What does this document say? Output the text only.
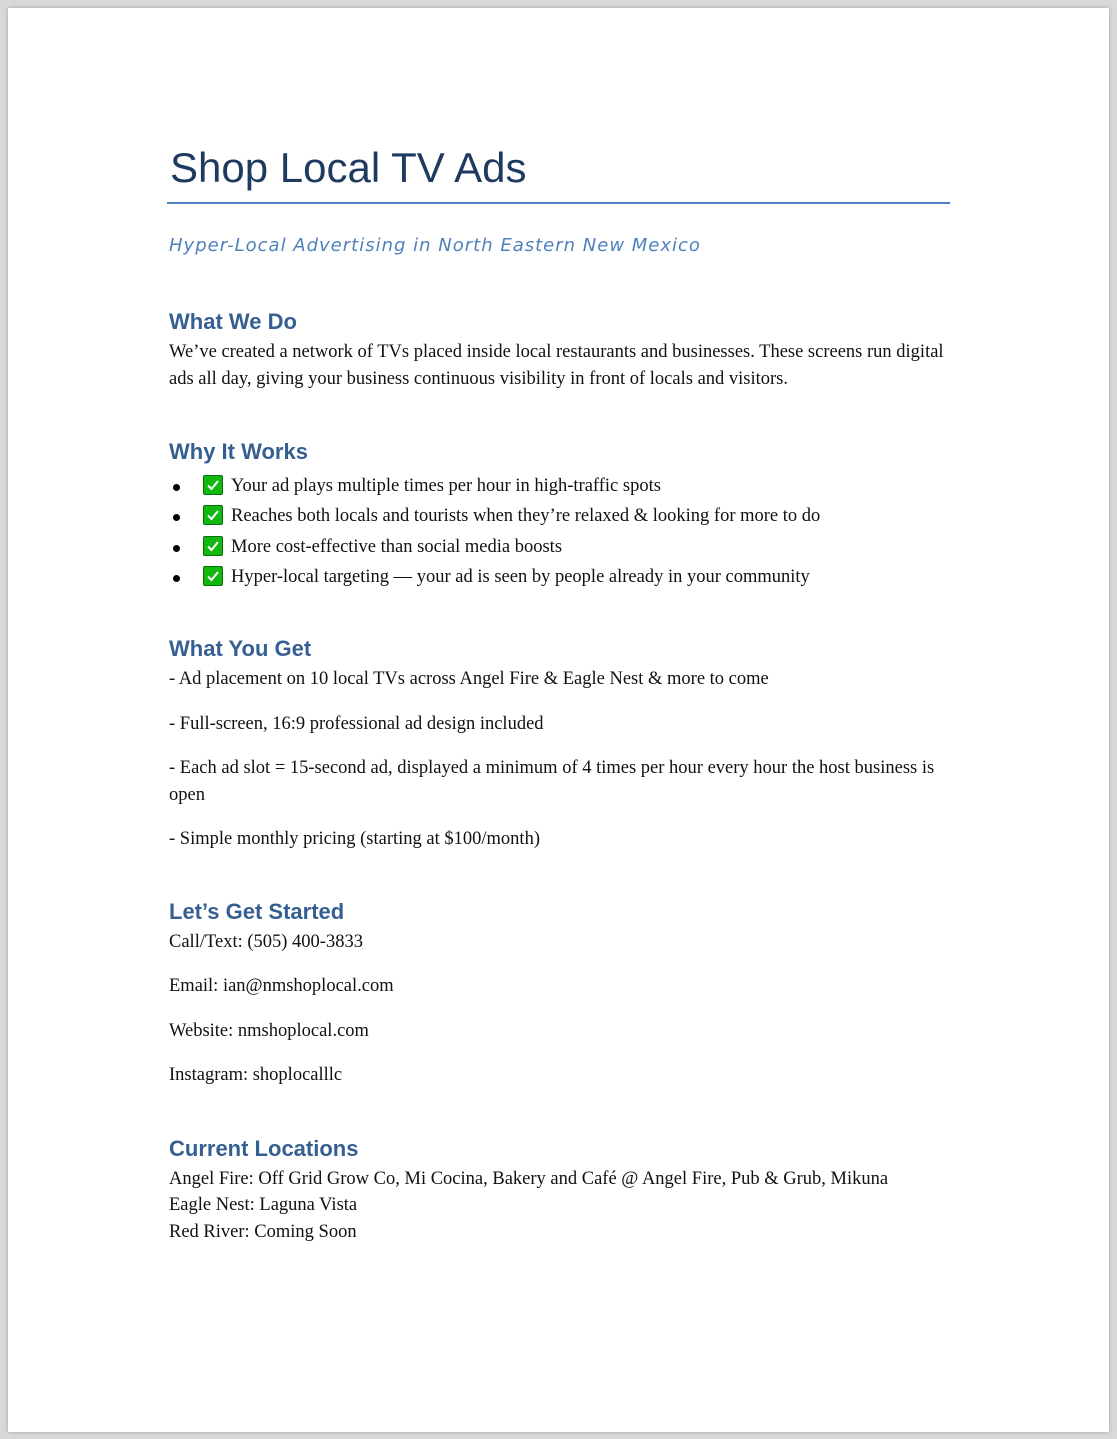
Shop Local TV Ads
Hyper-Local Advertising in North Eastern New Mexico
What We Do
We’ve created a network of TVs placed inside local restaurants and businesses. These screens run digital ads all day, giving your business continuous visibility in front of locals and visitors.
Why It Works
Your ad plays multiple times per hour in high-traffic spots
Reaches both locals and tourists when they’re relaxed & looking for more to do
More cost-effective than social media boosts
Hyper-local targeting — your ad is seen by people already in your community
What You Get

- Ad placement on 10 local TVs across Angel Fire & Eagle Nest & more to come

- Full-screen, 16:9 professional ad design included

- Each ad slot = 15-second ad, displayed a minimum of 4 times per hour every hour the host business is open

- Simple monthly pricing (starting at $100/month)

Let’s Get Started

Call/Text: (505) 400-3833

Email: ian@nmshoplocal.com

Website: nmshoplocal.com

Instagram: shoplocalllc

Current Locations
Angel Fire: Off Grid Grow Co, Mi Cocina, Bakery and Café @ Angel Fire, Pub & Grub, Mikuna
Eagle Nest: Laguna Vista
Red River: Coming Soon
